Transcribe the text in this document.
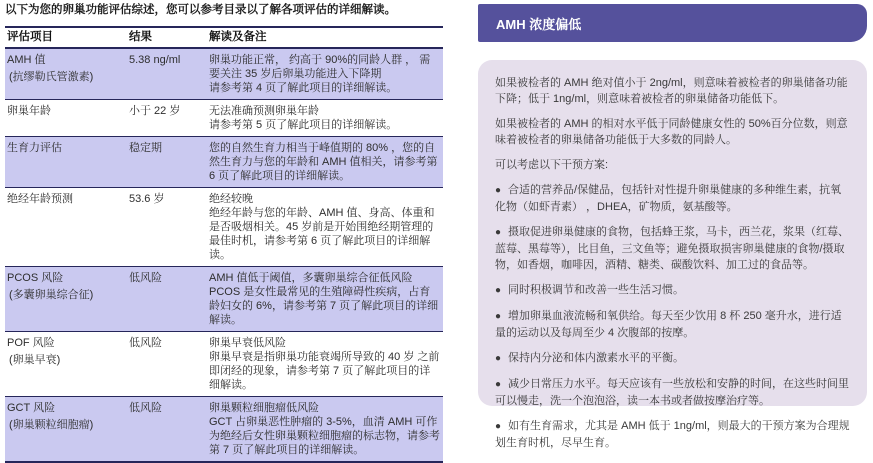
以下为您的卵巢功能评估综述，您可以参考目录以了解各项评估的详细解读。

评估项目	结果	解读及备注

AMH 值
(抗缪勒氏管激素)
	5.38 ng/ml	卵巢功能正常， 约高于 90%的同龄人群 ， 需要关注 35 岁后卵巢功能进入下降期
请参考第 4 页了解此项目的详细解读。

卵巢年龄	小于 22 岁	无法准确预测卵巢年龄
请参考第 5 页了解此项目的详细解读。

生育力评估	稳定期	您的自然生育力相当于峰值期的 80% ，您的自然生育力与您的年龄和 AMH 值相关，请参考第 6 页了解此项目的详细解读。

绝经年龄预测	53.6 岁	绝经较晚
绝经年龄与您的年龄、AMH 值、身高、体重和是否吸烟相关。45 岁前是开始围绝经期管理的最佳时机，请参考第 6 页了解此项目的详细解读。

PCOS 风险
(多囊卵巢综合征)
	低风险	AMH 值低于阈值，多囊卵巢综合征低风险
PCOS 是女性最常见的生殖障碍性疾病，占育龄妇女的 6%，请参考第 7 页了解此项目的详细解读。

POF 风险
(卵巢早衰)
	低风险	卵巢早衰低风险
卵巢早衰是指卵巢功能衰竭所导致的 40 岁 之前即闭经的现象，请参考第 7 页了解此项目的详细解读。

GCT 风险
(卵巢颗粒细胞瘤)
	低风险	卵巢颗粒细胞瘤低风险
GCT 占卵巢恶性肿瘤的 3-5%，血清 AMH 可作为绝经后女性卵巢颗粒细胞瘤的标志物，请参考第 7 页了解此项目的详细解读。
AMH 浓度偏低

如果被检者的 AMH 绝对值小于 2ng/ml，则意味着被检者的卵巢储备功能下降；低于 1ng/ml，则意味着被检者的卵巢储备功能低下。

如果被检者的 AMH 的相对水平低于同龄健康女性的 50%百分位数，则意味着被检者的卵巢储备功能低于大多数的同龄人。

可以考虑以下干预方案:

● 合适的营养品/保健品，包括针对性提升卵巢健康的多种维生素，抗氧化物（如虾青素） ，DHEA，矿物质，氨基酸等。
● 摄取促进卵巢健康的食物，包括蜂王浆，马卡，西兰花，浆果（红莓、蓝莓、黑莓等），比目鱼，三文鱼等；避免摄取损害卵巢健康的食物/摄取物，如香烟，咖啡因，酒精、糖类、碳酸饮料、加工过的食品等。
● 同时积极调节和改善一些生活习惯。
● 增加卵巢血液流畅和氧供给。每天至少饮用 8 杯 250 毫升水，进行适量的运动以及每周至少 4 次腹部的按摩。
● 保持内分泌和体内激素水平的平衡。
● 减少日常压力水平。每天应该有一些放松和安静的时间，在这些时间里可以慢走，洗一个泡泡浴，读一本书或者做按摩治疗等。
● 如有生育需求，尤其是 AMH 低于 1ng/ml，则最大的干预方案为合理规划生育时机，尽早生育。
